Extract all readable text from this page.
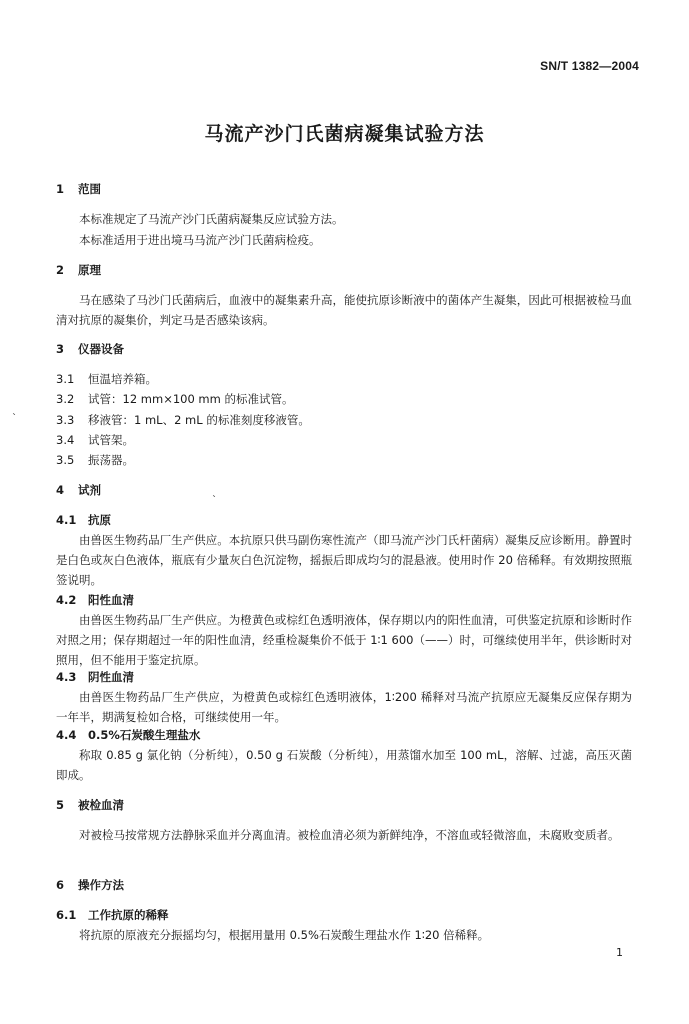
SN/T 1382—2004
马流产沙门氏菌病凝集试验方法
1 范围
本标准规定了马流产沙门氏菌病凝集反应试验方法。
本标准适用于进出境马马流产沙门氏菌病检疫。
2 原理
马在感染了马沙门氏菌病后，血液中的凝集素升高，能使抗原诊断液中的菌体产生凝集，因此可根据被检马血清对抗原的凝集价，判定马是否感染该病。
3 仪器设备
3.1 恒温培养箱。
3.2 试管：12 mm×100 mm 的标准试管。
3.3 移液管：1 mL、2 mL 的标准刻度移液管。
3.4 试管架。
3.5 振荡器。
4 试剂
4.1 抗原
由兽医生物药品厂生产供应。本抗原只供马副伤寒性流产（即马流产沙门氏杆菌病）凝集反应诊断用。静置时是白色或灰白色液体，瓶底有少量灰白色沉淀物，摇振后即成均匀的混悬液。使用时作 20 倍稀释。有效期按照瓶签说明。
4.2 阳性血清
由兽医生物药品厂生产供应。为橙黄色或棕红色透明液体，保存期以内的阳性血清，可供鉴定抗原和诊断时作对照之用；保存期超过一年的阳性血清，经重检凝集价不低于 1∶1 600（——）时，可继续使用半年，供诊断时对照用，但不能用于鉴定抗原。
4.3 阴性血清
由兽医生物药品厂生产供应，为橙黄色或棕红色透明液体，1∶200 稀释对马流产抗原应无凝集反应保存期为一年半，期满复检如合格，可继续使用一年。
4.4 0.5%石炭酸生理盐水
称取 0.85 g 氯化钠（分析纯），0.50 g 石炭酸（分析纯），用蒸馏水加至 100 mL，溶解、过滤，高压灭菌即成。
5 被检血清
对被检马按常规方法静脉采血并分离血清。被检血清必须为新鲜纯净，不溶血或轻微溶血，未腐败变质者。
6 操作方法
6.1 工作抗原的稀释
将抗原的原液充分振摇均匀，根据用量用 0.5%石炭酸生理盐水作 1∶20 倍稀释。
1
ˋ
ˋ
